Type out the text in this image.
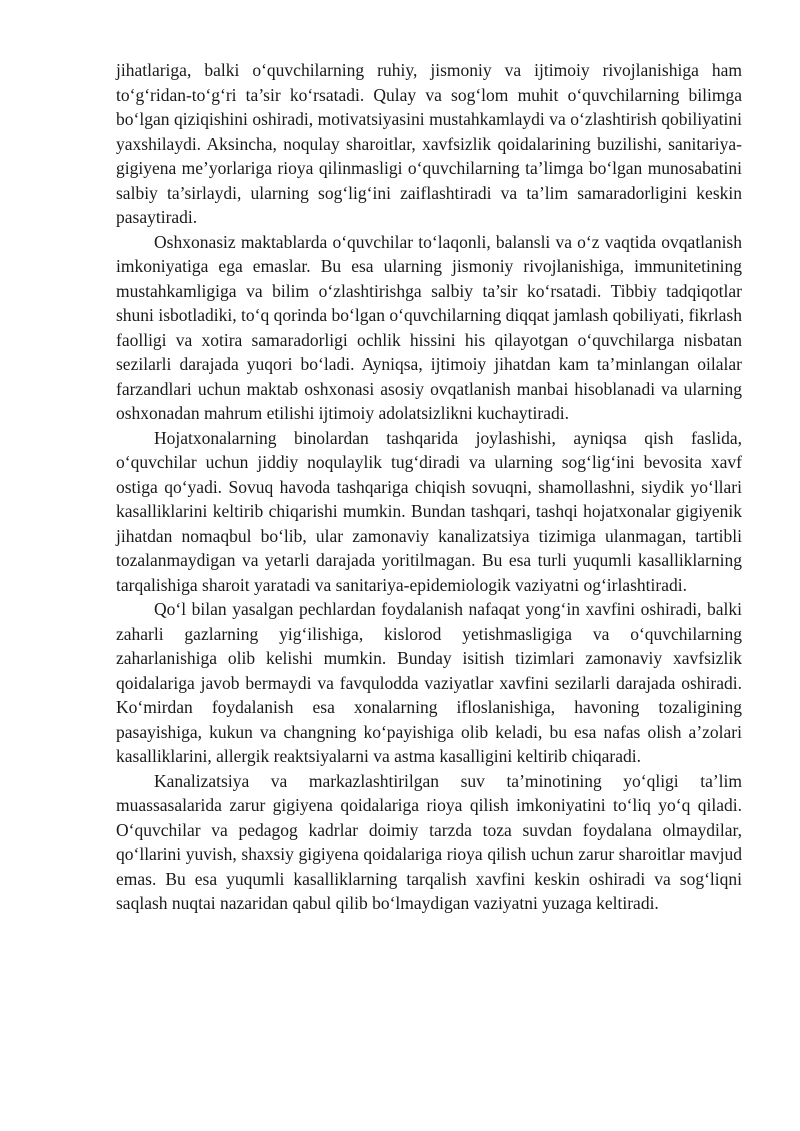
jihatlariga, balki o‘quvchilarning ruhiy, jismoniy va ijtimoiy rivojlanishiga ham to‘g‘ridan-to‘g‘ri ta’sir ko‘rsatadi. Qulay va sog‘lom muhit o‘quvchilarning bilimga bo‘lgan qiziqishini oshiradi, motivatsiyasini mustahkamlaydi va o‘zlashtirish qobiliyatini yaxshilaydi. Aksincha, noqulay sharoitlar, xavfsizlik qoidalarining buzilishi, sanitariya-gigiyena me’yorlariga rioya qilinmasligi o‘quvchilarning ta’limga bo‘lgan munosabatini salbiy ta’sirlaydi, ularning sog‘lig‘ini zaiflashtiradi va ta’lim samaradorligini keskin pasaytiradi.

Oshxonasiz maktablarda o‘quvchilar to‘laqonli, balansli va o‘z vaqtida ovqatlanish imkoniyatiga ega emaslar. Bu esa ularning jismoniy rivojlanishiga, immunitetining mustahkamligiga va bilim o‘zlashtirishga salbiy ta’sir ko‘rsatadi. Tibbiy tadqiqotlar shuni isbotladiki, to‘q qorinda bo‘lgan o‘quvchilarning diqqat jamlash qobiliyati, fikrlash faolligi va xotira samaradorligi ochlik hissini his qilayotgan o‘quvchilarga nisbatan sezilarli darajada yuqori bo‘ladi. Ayniqsa, ijtimoiy jihatdan kam ta’minlangan oilalar farzandlari uchun maktab oshxonasi asosiy ovqatlanish manbai hisoblanadi va ularning oshxonadan mahrum etilishi ijtimoiy adolatsizlikni kuchaytiradi.

Hojatxonalarning binolardan tashqarida joylashishi, ayniqsa qish faslida, o‘quvchilar uchun jiddiy noqulaylik tug‘diradi va ularning sog‘lig‘ini bevosita xavf ostiga qo‘yadi. Sovuq havoda tashqariga chiqish sovuqni, shamollashni, siydik yo‘llari kasalliklarini keltirib chiqarishi mumkin. Bundan tashqari, tashqi hojatxonalar gigiyenik jihatdan nomaqbul bo‘lib, ular zamonaviy kanalizatsiya tizimiga ulanmagan, tartibli tozalanmaydigan va yetarli darajada yoritilmagan. Bu esa turli yuqumli kasalliklarning tarqalishiga sharoit yaratadi va sanitariya-epidemiologik vaziyatni og‘irlashtiradi.

Qo‘l bilan yasalgan pechlardan foydalanish nafaqat yong‘in xavfini oshiradi, balki zaharli gazlarning yig‘ilishiga, kislorod yetishmasligiga va o‘quvchilarning zaharlanishiga olib kelishi mumkin. Bunday isitish tizimlari zamonaviy xavfsizlik qoidalariga javob bermaydi va favqulodda vaziyatlar xavfini sezilarli darajada oshiradi. Ko‘mirdan foydalanish esa xonalarning ifloslanishiga, havoning tozaligining pasayishiga, kukun va changning ko‘payishiga olib keladi, bu esa nafas olish a’zolari kasalliklarini, allergik reaktsiyalarni va astma kasalligini keltirib chiqaradi.

Kanalizatsiya va markazlashtirilgan suv ta’minotining yo‘qligi ta’lim muassasalarida zarur gigiyena qoidalariga rioya qilish imkoniyatini to‘liq yo‘q qiladi. O‘quvchilar va pedagog kadrlar doimiy tarzda toza suvdan foydalana olmaydilar, qo‘llarini yuvish, shaxsiy gigiyena qoidalariga rioya qilish uchun zarur sharoitlar mavjud emas. Bu esa yuqumli kasalliklarning tarqalish xavfini keskin oshiradi va sog‘liqni saqlash nuqtai nazaridan qabul qilib bo‘lmaydigan vaziyatni yuzaga keltiradi.
